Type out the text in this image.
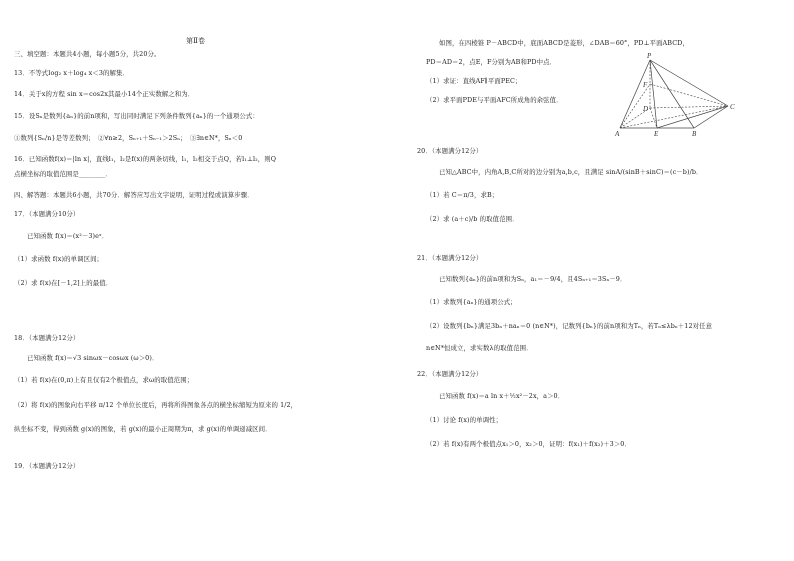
第Ⅱ卷
三、填空题：本题共4小题，每小题5分，共20分。
13．不等式log₂ x＋log₄ x＜3的解集．
14．关于x的方程 sin x＝cos2x其最小14个正实数解之和为．
15．设Sₙ是数列{aₙ}的前n项和，写出同时满足下列条件数列{aₙ}的一个通项公式：
①数列{Sₙ/n}是等差数列；　②∀n≥2，Sₙ₊₁＋Sₙ₋₁＞2Sₙ；　③∃n∈N*，Sₙ＜0
16．已知函数f(x)＝|ln x|，直线l₁，l₂是f(x)的两条切线，l₁，l₂相交于点Q，若l₁⊥l₂，则Q
点横坐标的取值范围是________．
四、解答题：本题共6小题，共70分．解答应写出文字说明，证明过程或演算步骤．
17．（本题满分10分）
　　已知函数 f(x)＝(x²－3)eˣ．
（1）求函数 f(x)的单调区间；
（2）求 f(x)在[－1,2]上的最值．
18．（本题满分12分）
　　已知函数 f(x)＝√3 sinωx－cosωx (ω＞0)．
（1）若 f(x)在(0,π)上有且仅有2个极值点，求ω的取值范围；
（2）将 f(x)的图象向右平移 π/12 个单位长度后，再将所得图象各点的横坐标缩短为原来的 1/2，
纵坐标不变，得到函数 g(x)的图象，若 g(x)的最小正周期为π，求 g(x)的单调递减区间．
19．（本题满分12分）
　　如图，在四棱锥 P－ABCD中，底面ABCD是菱形，∠DAB＝60°，PD⊥平面ABCD，
PD＝AD＝2，点E，F分别为AB和PD中点．
（1）求证：直线AF∥平面PEC；
（2）求平面PDE与平面AFC所成角的余弦值．
20．（本题满分12分）
　　已知△ABC中，内角A,B,C所对的边分别为a,b,c，且满足 sinA/(sinB＋sinC)＝(c－b)/b．
（1）若 C＝π/3，求B；
（2）求 (a＋c)/b 的取值范围．
21．（本题满分12分）
　　已知数列{aₙ}的前n项和为Sₙ，a₁＝－9/4，且4Sₙ₊₁＝3Sₙ－9．
（1）求数列{aₙ}的通项公式；
（2）设数列{bₙ}满足3bₙ＋naₙ＝0 (n∈N*)，记数列{bₙ}的前n项和为Tₙ，若Tₙ≤λbₙ＋12对任意
n∈N*恒成立，求实数λ的取值范围．
22．（本题满分12分）
　　已知函数 f(x)＝a ln x＋½x²－2x，a＞0．
（1）讨论 f(x)的单调性；
（2）若 f(x)有两个极值点x₁＞0，x₂＞0，证明：f(x₁)＋f(x₂)＋3＞0．
P
F
D
A	E	B
C
